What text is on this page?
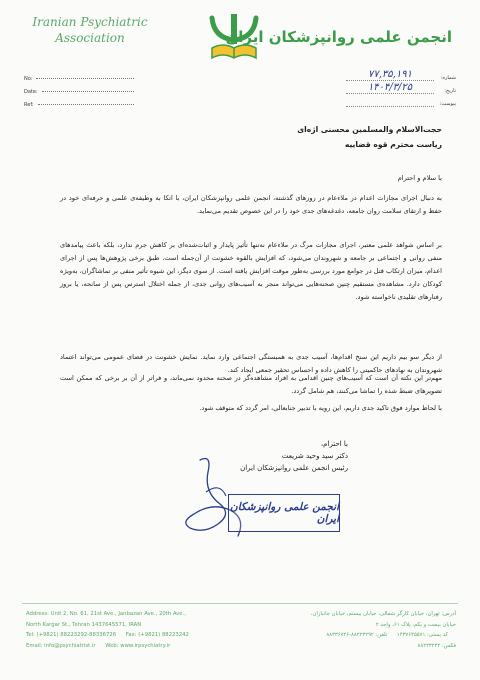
Iranian Psychiatric
Association	انجمن علمی روانپزشکان ایران
No:
Date:
Ref:
شماره:
۷۷,۳۵,۱۹۱
تاریخ:
۱۴۰۴/۳/۲۵
پیوست:
حجت‌الاسلام والمسلمین محسنی اژه‌ای
ریاست محترم قوه قضاییه
با سلام و احترام
به دنبال اجرای مجازات اعدام در ملاءعام در روزهای گذشته، انجمن علمی روانپزشکان ایران، با اتکا به وظیفه‌ی علمی و حرفه‌ای خود در حفظ و ارتقای سلامت روان جامعه، دغدغه‌های جدی خود را در این خصوص تقدیم می‌نماید.
بر اساس شواهد علمی معتبر، اجرای مجازات مرگ در ملاءعام نه‌تنها تأثیر پایدار و اثبات‌شده‌ای بر کاهش جرم ندارد، بلکه باعث پیامدهای منفی روانی و اجتماعی بر جامعه و شهروندان می‌شود، که افزایش بالقوه خشونت از آن‌جمله است. طبق برخی پژوهش‌ها پس از اجرای اعدام، میزان ارتکاب قتل در جوامع مورد بررسی به‌طور موقت افزایش یافته است. از سوی دیگر، این شیوه تأثیر منفی بر تماشاگران، به‌ویژه کودکان دارد. مشاهده‌ی مستقیم چنین صحنه‌هایی می‌تواند منجر به آسیب‌های روانی جدی، از جمله اختلال استرس پس از سانحه، یا بروز رفتارهای تقلیدی ناخواسته شود.
از دیگر سو بیم داریم این سنخ اقدام‌ها، آسیب جدی به همبستگی اجتماعی وارد نماید. نمایش خشونت در فضای عمومی می‌تواند اعتماد شهروندان به نهادهای حاکمیتی را کاهش داده و احساس تحقیر جمعی ایجاد کند.
مهم‌تر این نکته آن است که آسیب‌های چنین اقدامی به افراد مشاهده‌گر در صحنه محدود نمی‌ماند، و فراتر از آن بر برخی که ممکن است تصویرهای ضبط شده را تماشا می‌کنند، هم شامل گردد.
با لحاظ موارد فوق تاکید جدی داریم، این رویه با تدبیر جنابعالی، امر گردد که متوقف شود.
با احترام،
دکتر سید وحید شریعت
رئیس انجمن علمی روانپزشکان ایران
انجمن علمی روانپزشکان ایران
Address: Unit 2, No. 61, 21st Ave., Janbazan Ave., 20th Ave.,
North Kargar St., Tehran 1437645571, IRAN
Tel: (+9821) 88223292-88336726 Fax: (+9821) 88223242
Email: info@psychiatrist.ir Web: www.irpsychiatry.ir
آدرس: تهران، خیابان کارگر شمالی، خیابان بیستم، خیابان جانبازان،
خیابان بیست و یکم، پلاک ۶۱، واحد ۲
کد پستی: ۱۴۳۷۶۴۵۵۷۱ تلفن: ۸۸۲۲۳۲۹۲-۸۸۳۳۶۷۲۶
فکس: ۸۸۲۲۳۲۴۲
